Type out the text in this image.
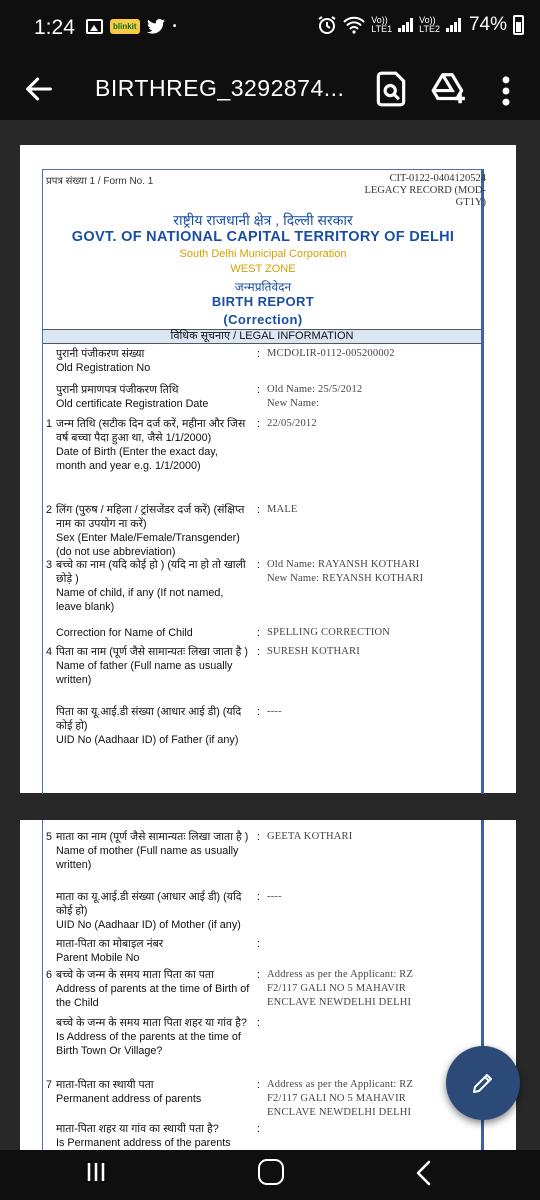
1:24	blinkit	•
Vo))
LTE1
Vo))
LTE2 74%
BIRTHREG_3292874...
प्रपत्र संख्या 1 / Form No. 1	CIT-0122-0404120524
LEGACY RECORD (MOD-
GT1Y)
राष्ट्रीय राजधानी क्षेत्र , दिल्ली सरकार
GOVT. OF NATIONAL CAPITAL TERRITORY OF DELHI
South Delhi Municipal Corporation
WEST ZONE
जन्मप्रतिवेदन
BIRTH REPORT
(Correction)
विधिक सूचनाए / LEGAL INFORMATION
पुरानी पंजीकरण संख्या
Old Registration No
: MCDOLIR-0112-005200002
पुरानी प्रमाणपत्र पंजीकरण तिथि
Old certificate Registration Date
: Old Name: 25/5/2012
New Name:
1 जन्म तिथि (सटीक दिन दर्ज करें, महीना और जिस वर्ष बच्चा पैदा हुआ था, जैसे 1/1/2000)
Date of Birth (Enter the exact day, month and year e.g. 1/1/2000)
: 22/05/2012
2 लिंग (पुरुष / महिला / ट्रांसजेंडर दर्ज करें) (संक्षिप्त नाम का उपयोग ना करें)
Sex (Enter Male/Female/Transgender) (do not use abbreviation)
: MALE
3 बच्चे का नाम (यदि कोई हो ) (यदि ना हो तो खाली छोड़े )
Name of child, if any (If not named, leave blank)
: Old Name: RAYANSH KOTHARI
New Name: REYANSH KOTHARI
Correction for Name of Child	: SPELLING CORRECTION
4 पिता का नाम (पूर्ण जैसे सामान्यतः लिखा जाता है )
Name of father (Full name as usually written)
: SURESH KOTHARI
पिता का यू.आई.डी संख्या (आधार आई डी) (यदि कोई हो)
UID No (Aadhaar ID) of Father (if any)
: ----
5 माता का नाम (पूर्ण जैसे सामान्यतः लिखा जाता है )
Name of mother (Full name as usually written)
: GEETA KOTHARI
माता का यू.आई.डी संख्या (आधार आई डी) (यदि कोई हो)
UID No (Aadhaar ID) of Mother (if any)
: ----
माता-पिता का मोबाइल नंबर
Parent Mobile No
:
6 बच्चे के जन्म के समय माता पिता का पता
Address of parents at the time of Birth of the Child
: Address as per the Applicant: RZ
F2/117 GALI NO 5 MAHAVIR
ENCLAVE NEWDELHI DELHI
बच्चे के जन्म के समय माता पिता शहर या गांव है?
Is Address of the parents at the time of Birth Town Or Village?
:
7 माता-पिता का स्थायी पता
Permanent address of parents
: Address as per the Applicant: RZ
F2/117 GALI NO 5 MAHAVIR
ENCLAVE NEWDELHI DELHI
माता-पिता शहर या गांव का स्थायी पता है?
Is Permanent address of the parents
:
